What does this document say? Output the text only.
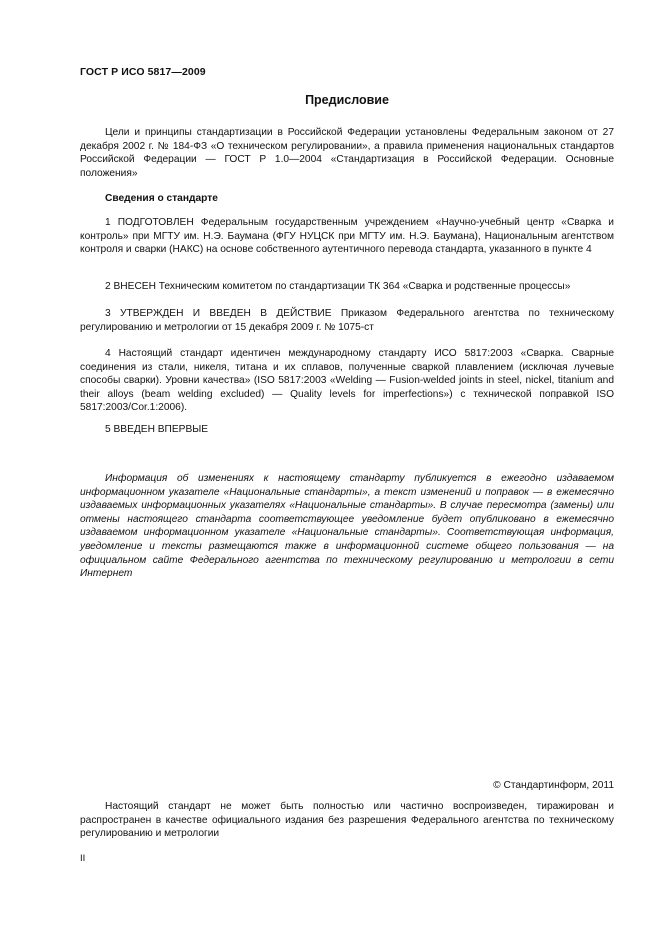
ГОСТ Р ИСО 5817—2009
Предисловие

Цели и принципы стандартизации в Российской Федерации установлены Федеральным законом от 27 декабря 2002 г. № 184-ФЗ «О техническом регулировании», а правила применения национальных стандартов Российской Федерации — ГОСТ Р 1.0—2004 «Стандартизация в Российской Федерации. Основные положения»

Сведения о стандарте

1 ПОДГОТОВЛЕН Федеральным государственным учреждением «Научно-учебный центр «Сварка и контроль» при МГТУ им. Н.Э. Баумана (ФГУ НУЦСК при МГТУ им. Н.Э. Баумана), Национальным агентством контроля и сварки (НАКС) на основе собственного аутентичного перевода стандарта, указанного в пункте 4

2 ВНЕСЕН Техническим комитетом по стандартизации ТК 364 «Сварка и родственные процессы»

3 УТВЕРЖДЕН И ВВЕДЕН В ДЕЙСТВИЕ Приказом Федерального агентства по техническому регулированию и метрологии от 15 декабря 2009 г. № 1075-ст

4 Настоящий стандарт идентичен международному стандарту ИСО 5817:2003 «Сварка. Сварные соединения из стали, никеля, титана и их сплавов, полученные сваркой плавлением (исключая лучевые способы сварки). Уровни качества» (ISO 5817:2003 «Welding — Fusion-welded joints in steel, nickel, titanium and their alloys (beam welding excluded) — Quality levels for imperfections») с технической поправкой ISO 5817:2003/Cor.1:2006).

5 ВВЕДЕН ВПЕРВЫЕ

Информация об изменениях к настоящему стандарту публикуется в ежегодно издаваемом информационном указателе «Национальные стандарты», а текст изменений и поправок — в ежемесячно издаваемых информационных указателях «Национальные стандарты». В случае пересмотра (замены) или отмены настоящего стандарта соответствующее уведомление будет опубликовано в ежемесячно издаваемом информационном указателе «Национальные стандарты». Соответствующая информация, уведомление и тексты размещаются также в информационной системе общего пользования — на официальном сайте Федерального агентства по техническому регулированию и метрологии в сети Интернет

© Стандартинформ, 2011

Настоящий стандарт не может быть полностью или частично воспроизведен, тиражирован и распространен в качестве официального издания без разрешения Федерального агентства по техническому регулированию и метрологии

II
